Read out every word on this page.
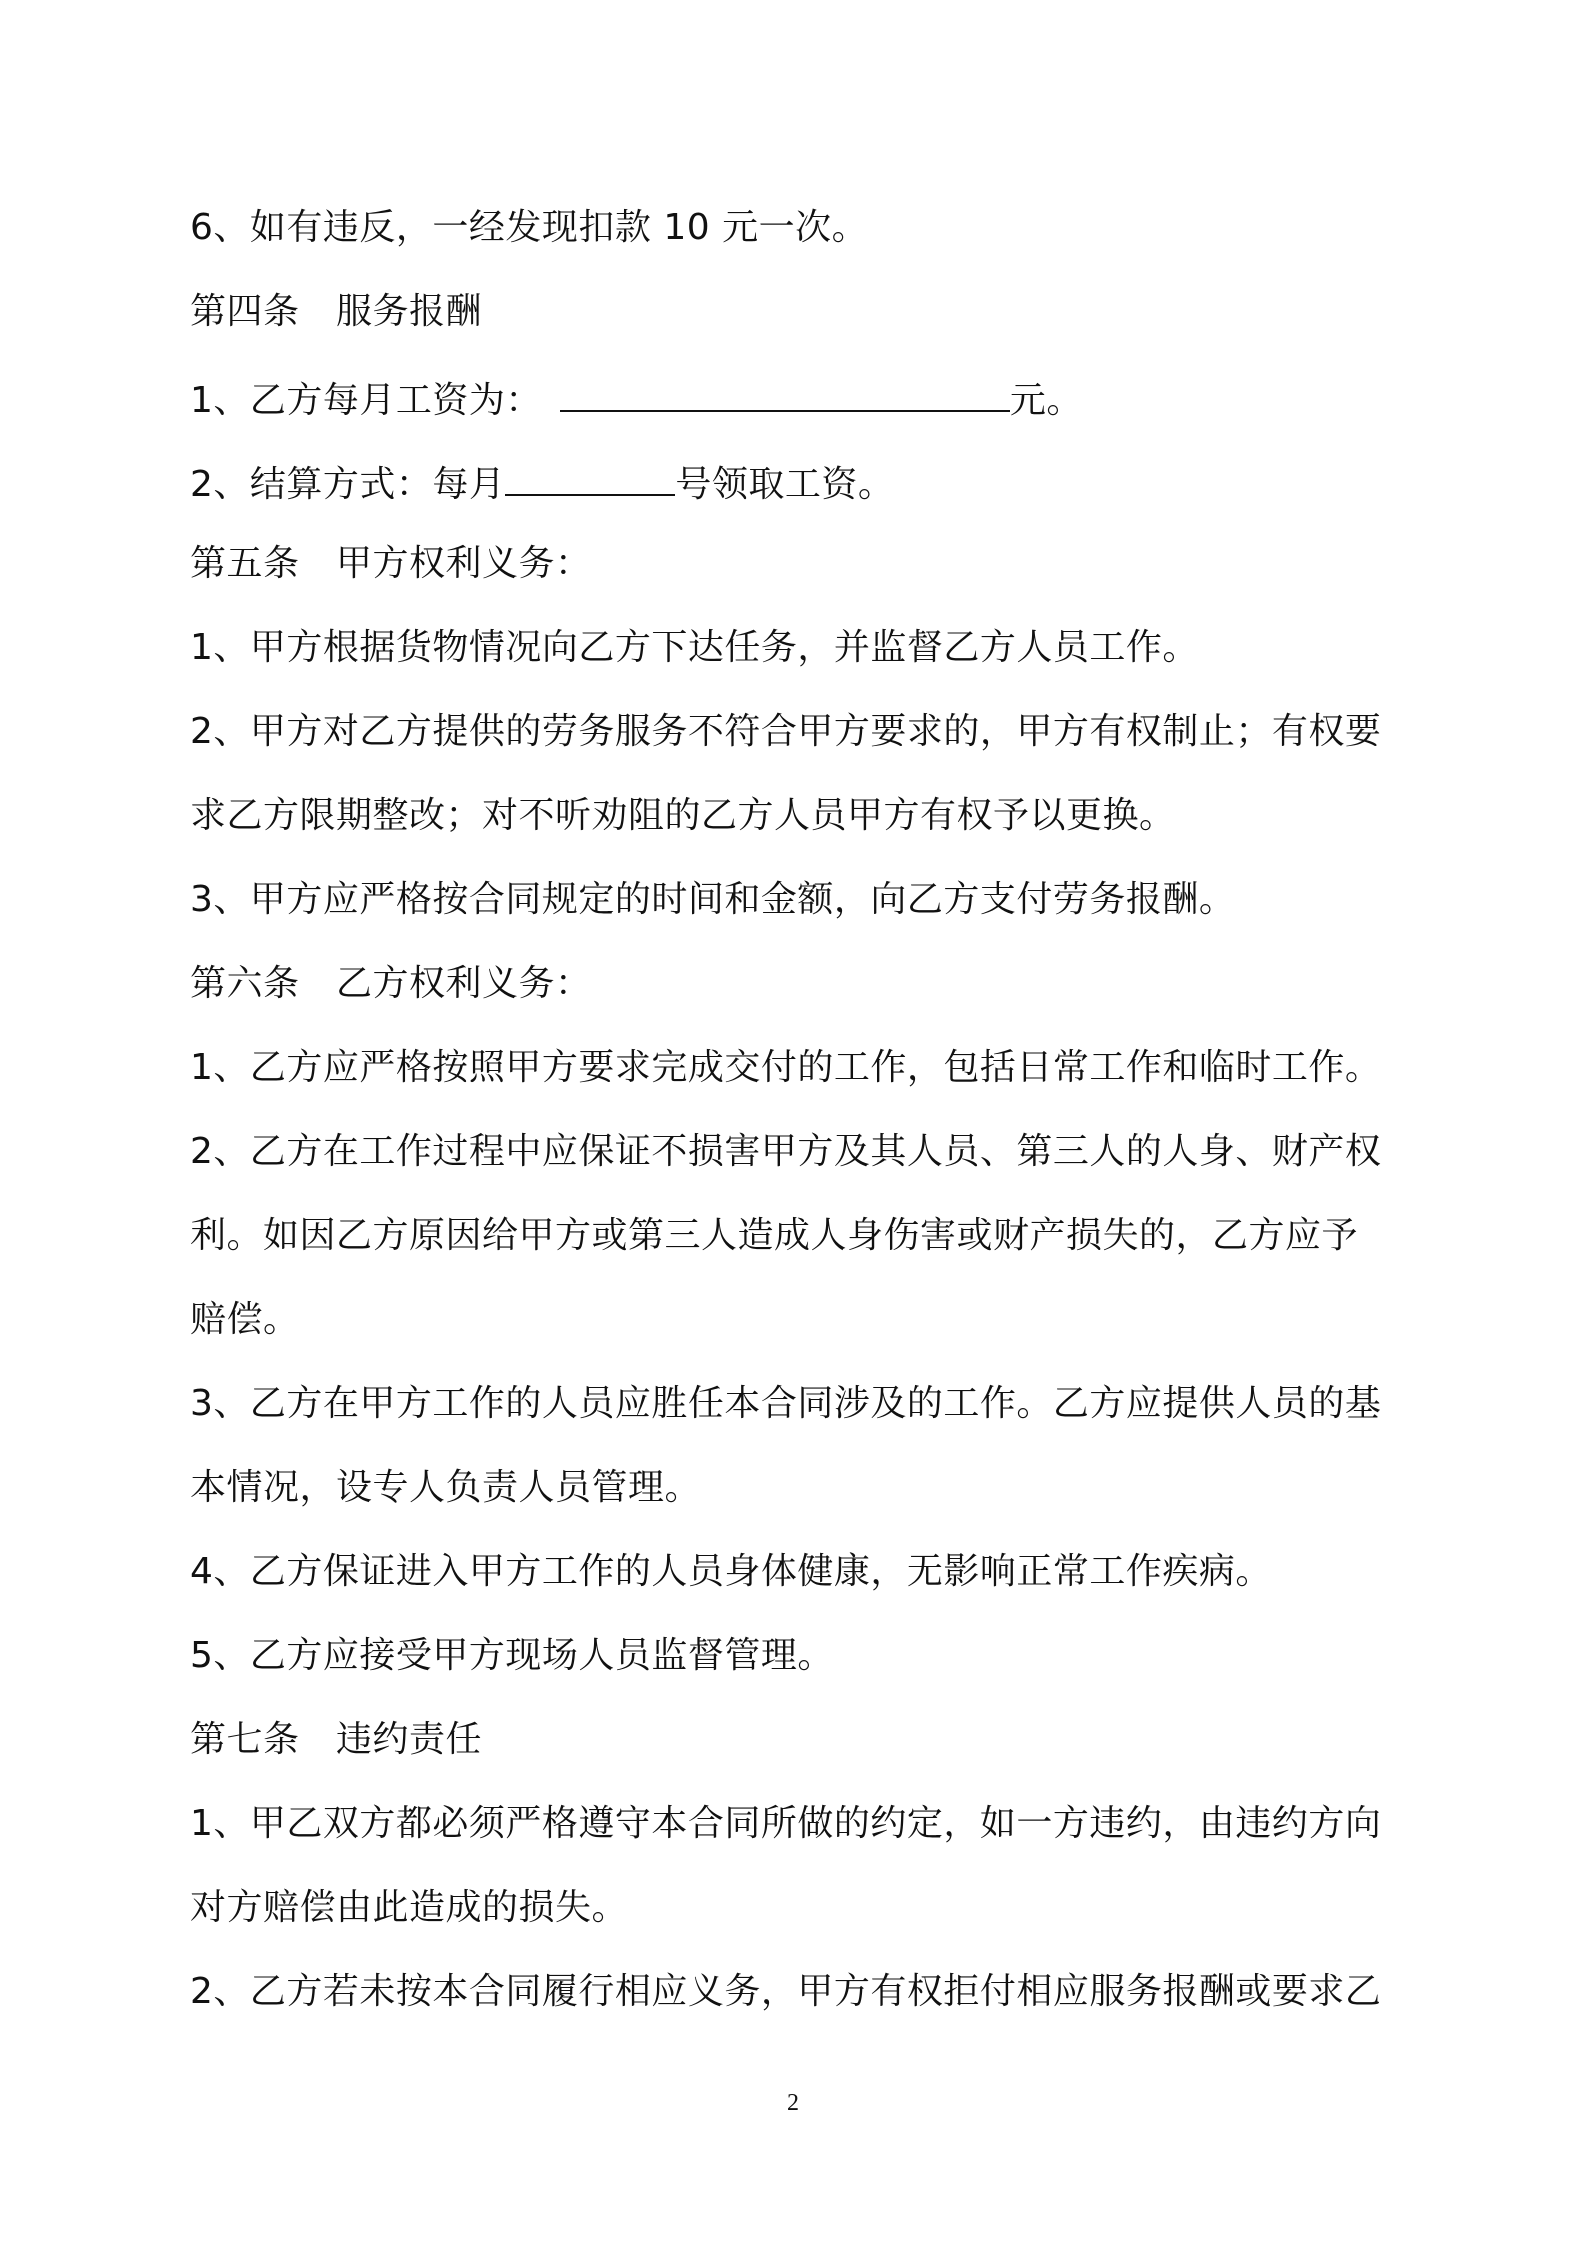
6、如有违反，一经发现扣款 10 元一次。
第四条　服务报酬
1、乙方每月工资为：	元。
2、结算方式：每月	号领取工资。
第五条　甲方权利义务：
1、甲方根据货物情况向乙方下达任务，并监督乙方人员工作。
2、甲方对乙方提供的劳务服务不符合甲方要求的，甲方有权制止；有权要
求乙方限期整改；对不听劝阻的乙方人员甲方有权予以更换。
3、甲方应严格按合同规定的时间和金额，向乙方支付劳务报酬。
第六条　乙方权利义务：
1、乙方应严格按照甲方要求完成交付的工作，包括日常工作和临时工作。
2、乙方在工作过程中应保证不损害甲方及其人员、第三人的人身、财产权
利。如因乙方原因给甲方或第三人造成人身伤害或财产损失的，乙方应予
赔偿。
3、乙方在甲方工作的人员应胜任本合同涉及的工作。乙方应提供人员的基
本情况，设专人负责人员管理。
4、乙方保证进入甲方工作的人员身体健康，无影响正常工作疾病。
5、乙方应接受甲方现场人员监督管理。
第七条　违约责任
1、甲乙双方都必须严格遵守本合同所做的约定，如一方违约，由违约方向
对方赔偿由此造成的损失。
2、乙方若未按本合同履行相应义务，甲方有权拒付相应服务报酬或要求乙
2
